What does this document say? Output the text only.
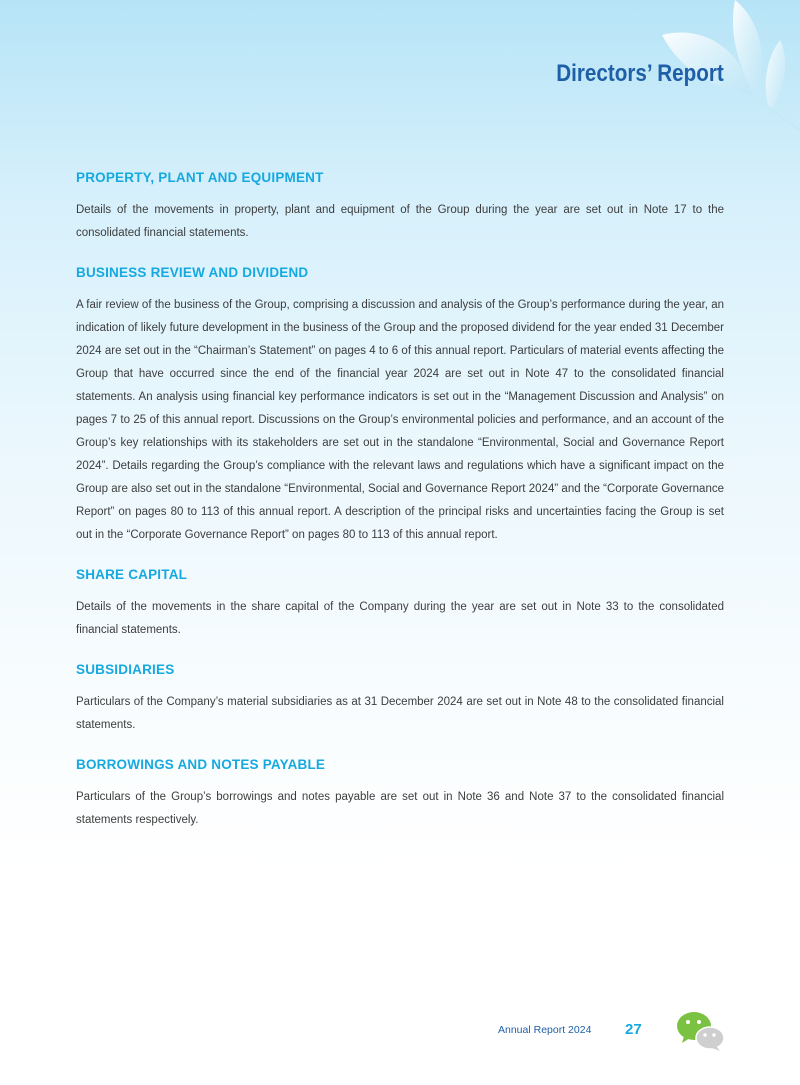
Directors’ Report
PROPERTY, PLANT AND EQUIPMENT

Details of the movements in property, plant and equipment of the Group during the year are set out in Note 17 to the consolidated financial statements.

BUSINESS REVIEW AND DIVIDEND

A fair review of the business of the Group, comprising a discussion and analysis of the Group’s performance during the year, an indication of likely future development in the business of the Group and the proposed dividend for the year ended 31 December 2024 are set out in the “Chairman’s Statement” on pages 4 to 6 of this annual report. Particulars of material events affecting the Group that have occurred since the end of the financial year 2024 are set out in Note 47 to the consolidated financial statements. An analysis using financial key performance indicators is set out in the “Management Discussion and Analysis” on pages 7 to 25 of this annual report. Discussions on the Group’s environmental policies and performance, and an account of the Group’s key relationships with its stakeholders are set out in the standalone “Environmental, Social and Governance Report 2024”. Details regarding the Group’s compliance with the relevant laws and regulations which have a significant impact on the Group are also set out in the standalone “Environmental, Social and Governance Report 2024” and the “Corporate Governance Report” on pages 80 to 113 of this annual report. A description of the principal risks and uncertainties facing the Group is set out in the “Corporate Governance Report” on pages 80 to 113 of this annual report.

SHARE CAPITAL

Details of the movements in the share capital of the Company during the year are set out in Note 33 to the consolidated financial statements.

SUBSIDIARIES

Particulars of the Company’s material subsidiaries as at 31 December 2024 are set out in Note 48 to the consolidated financial statements.

BORROWINGS AND NOTES PAYABLE

Particulars of the Group’s borrowings and notes payable are set out in Note 36 and Note 37 to the consolidated financial statements respectively.

Annual Report 2024 27
